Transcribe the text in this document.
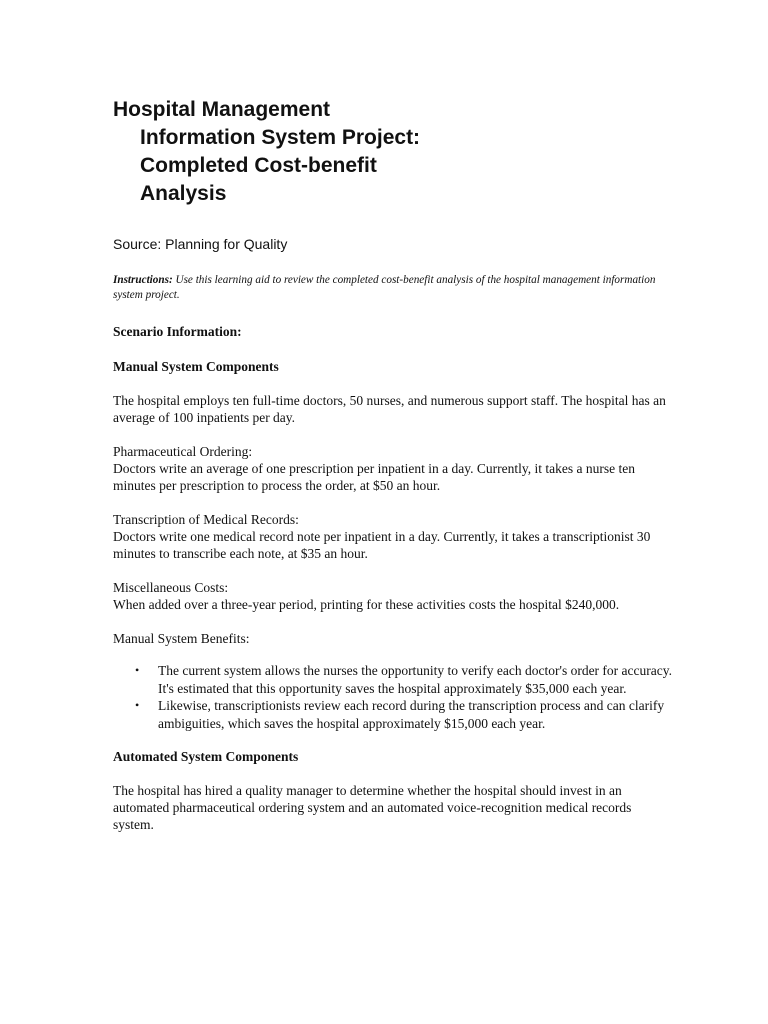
Hospital Management
Information System Project:
Completed Cost-benefit
Analysis
Source: Planning for Quality
Instructions: Use this learning aid to review the completed cost-benefit analysis of the hospital management information system project.
Scenario Information:
Manual System Components
The hospital employs ten full-time doctors, 50 nurses, and numerous support staff. The hospital has an average of 100 inpatients per day.
Pharmaceutical Ordering:
Doctors write an average of one prescription per inpatient in a day. Currently, it takes a nurse ten minutes per prescription to process the order, at $50 an hour.
Transcription of Medical Records:
Doctors write one medical record note per inpatient in a day. Currently, it takes a transcriptionist 30 minutes to transcribe each note, at $35 an hour.
Miscellaneous Costs:
When added over a three-year period, printing for these activities costs the hospital $240,000.
Manual System Benefits:
• The current system allows the nurses the opportunity to verify each doctor's order for accuracy. It's estimated that this opportunity saves the hospital approximately $35,000 each year.
• Likewise, transcriptionists review each record during the transcription process and can clarify ambiguities, which saves the hospital approximately $15,000 each year.
Automated System Components
The hospital has hired a quality manager to determine whether the hospital should invest in an automated pharmaceutical ordering system and an automated voice-recognition medical records system.
